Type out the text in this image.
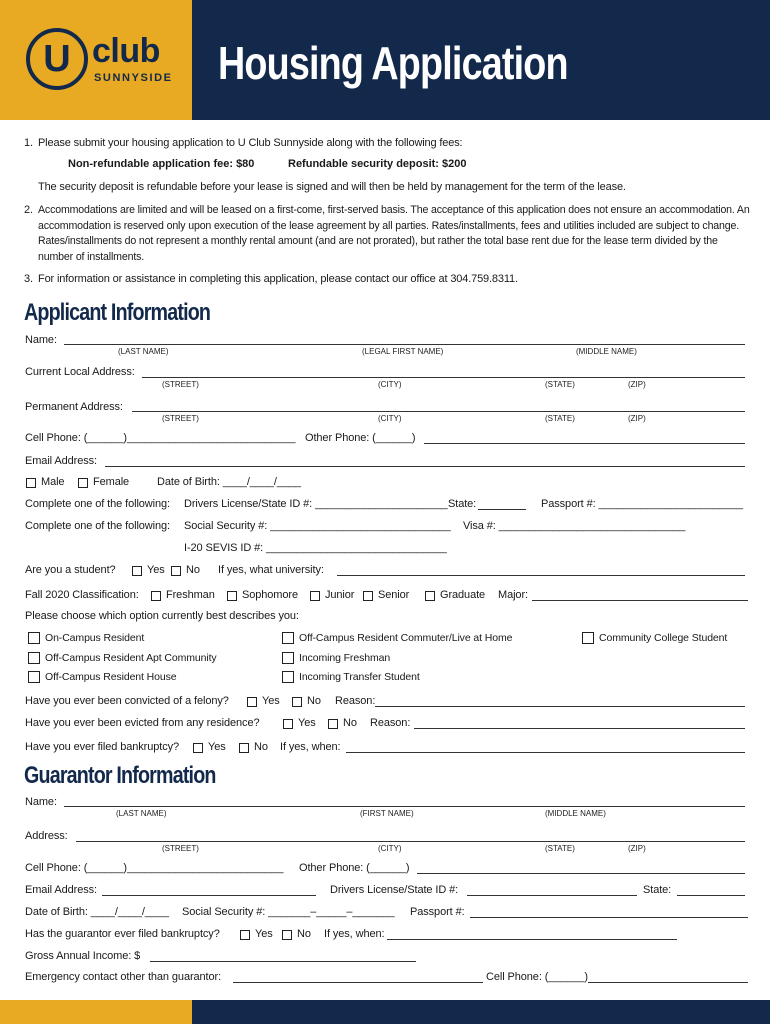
U club
SUNNYSIDE Housing Application
1. Please submit your housing application to U Club Sunnyside along with the following fees:
Non-refundable application fee: $80	Refundable security deposit: $200
The security deposit is refundable before your lease is signed and will then be held by management for the term of the lease.
2. Accommodations are limited and will be leased on a first-come, first-served basis. The acceptance of this application does not ensure an accommodation. An accommodation is reserved only upon execution of the lease agreement by all parties. Rates/installments, fees and utilities included are subject to change. Rates/installments do not represent a monthly rental amount (and are not prorated), but rather the total base rent due for the lease term divided by the number of installments.
3. For information or assistance in completing this application, please contact our office at 304.759.8311.
Applicant Information
Name:
(LAST NAME)	(LEGAL FIRST NAME)	(MIDDLE NAME)
Current Local Address:
(STREET)	(CITY)	(STATE)	(ZIP)
Permanent Address:
(STREET)	(CITY)	(STATE)	(ZIP)
Cell Phone: (______)____________________________ Other Phone: (______)
Email Address:
Male	Female	Date of Birth: ____/____/____
Complete one of the following: Drivers License/State ID #: ______________________ State:	Passport #: ________________________
Complete one of the following: Social Security #: ______________________________ Visa #: _______________________________
I-20 SEVIS ID #: ______________________________
Are you a student?	Yes No If yes, what university:
Fall 2020 Classification: Freshman Sophomore Junior Senior	Graduate Major:
Please choose which option currently best describes you:
On-Campus Resident	Off-Campus Resident Commuter/Live at Home	Community College Student
Off-Campus Resident Apt Community	Incoming Freshman
Off-Campus Resident House	Incoming Transfer Student
Have you ever been convicted of a felony?	Yes No Reason:
Have you ever been evicted from any residence?	Yes No Reason:
Have you ever filed bankruptcy?	Yes	No If yes, when:
Guarantor Information
Name:
(LAST NAME)	(FIRST NAME)	(MIDDLE NAME)
Address:
(STREET)	(CITY)	(STATE)	(ZIP)
Cell Phone: (______)__________________________ Other Phone: (______)
Email Address:	Drivers License/State ID #:	State:
Date of Birth: ____/____/____ Social Security #: _______–_____–_______ Passport #:
Has the guarantor ever filed bankruptcy?	Yes No If yes, when:
Gross Annual Income: $
Emergency contact other than guarantor:	Cell Phone: (______)
